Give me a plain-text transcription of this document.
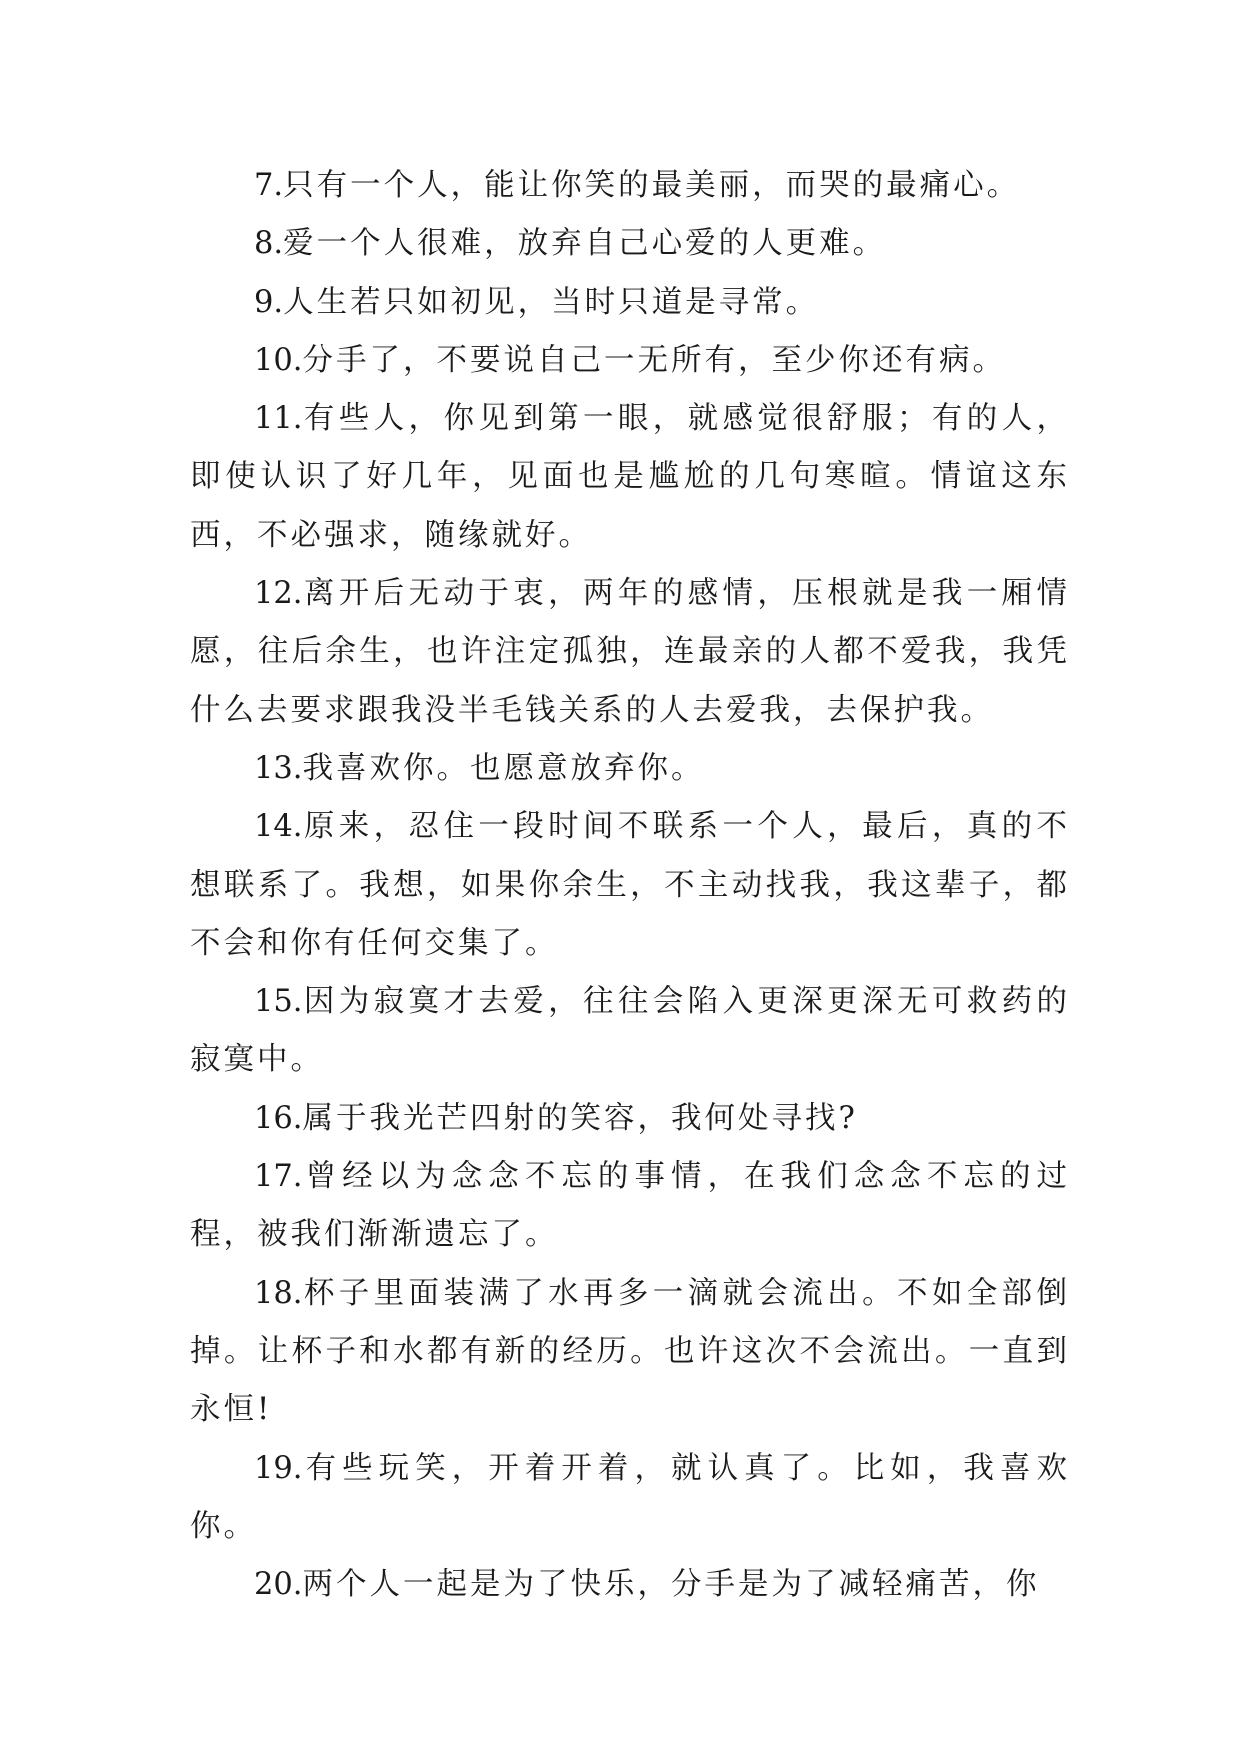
7.只有一个人，能让你笑的最美丽，而哭的最痛心。

8.爱一个人很难，放弃自己心爱的人更难。

9.人生若只如初见，当时只道是寻常。

10.分手了，不要说自己一无所有，至少你还有病。

11.有些人，你见到第一眼，就感觉很舒服；有的人，即使认识了好几年，见面也是尴尬的几句寒暄。情谊这东西，不必强求，随缘就好。

12.离开后无动于衷，两年的感情，压根就是我一厢情愿，往后余生，也许注定孤独，连最亲的人都不爱我，我凭什么去要求跟我没半毛钱关系的人去爱我，去保护我。

13.我喜欢你。也愿意放弃你。

14.原来，忍住一段时间不联系一个人，最后，真的不想联系了。我想，如果你余生，不主动找我，我这辈子，都不会和你有任何交集了。

15.因为寂寞才去爱，往往会陷入更深更深无可救药的寂寞中。

16.属于我光芒四射的笑容，我何处寻找?

17.曾经以为念念不忘的事情，在我们念念不忘的过程，被我们渐渐遗忘了。

18.杯子里面装满了水再多一滴就会流出。不如全部倒掉。让杯子和水都有新的经历。也许这次不会流出。一直到永恒!

19.有些玩笑，开着开着，就认真了。比如，我喜欢你。

20.两个人一起是为了快乐，分手是为了减轻痛苦，你
